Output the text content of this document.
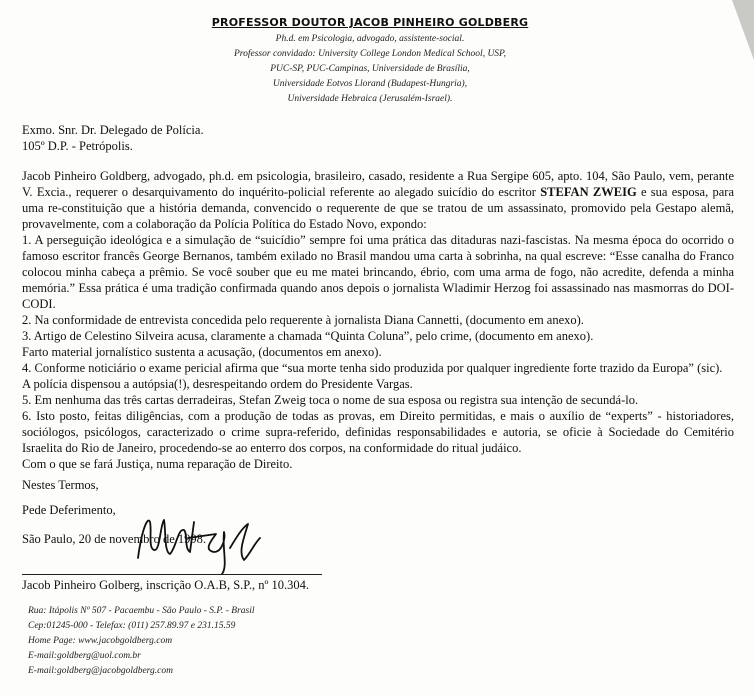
PROFESSOR DOUTOR JACOB PINHEIRO GOLDBERG
Ph.d. em Psicologia, advogado, assistente-social.
Professor convidado: University College London Medical School, USP,
PUC-SP, PUC-Campinas, Universidade de Brasília,
Universidade Eotvos Llorand (Budapest-Hungria),
Universidade Hebraica (Jerusalém-Israel).
Exmo. Snr. Dr. Delegado de Polícia.
105º D.P. - Petrópolis.

Jacob Pinheiro Goldberg, advogado, ph.d. em psicologia, brasileiro, casado, residente a Rua Sergipe 605, apto. 104, São Paulo, vem, perante V. Excia., requerer o desarquivamento do inquérito-policial referente ao alegado suicídio do escritor STEFAN ZWEIG e sua esposa, para uma re-constituição que a história demanda, convencido o requerente de que se tratou de um assassinato, promovido pela Gestapo alemã, provavelmente, com a colaboração da Polícia Política do Estado Novo, expondo:

1. A perseguição ideológica e a simulação de “suicídio” sempre foi uma prática das ditaduras nazi-fascistas. Na mesma época do ocorrido o famoso escritor francês George Bernanos, também exilado no Brasil mandou uma carta à sobrinha, na qual escreve: “Esse canalha do Franco colocou minha cabeça a prêmio. Se você souber que eu me matei brincando, ébrio, com uma arma de fogo, não acredite, defenda a minha memória.” Essa prática é uma tradição confirmada quando anos depois o jornalista Wladimir Herzog foi assassinado nas masmorras do DOI-CODI.

2. Na conformidade de entrevista concedida pelo requerente à jornalista Diana Cannetti, (documento em anexo).

3. Artigo de Celestino Silveira acusa, claramente a chamada “Quinta Coluna”, pelo crime, (documento em anexo).

Farto material jornalístico sustenta a acusação, (documentos em anexo).

4. Conforme noticiário o exame pericial afirma que “sua morte tenha sido produzida por qualquer ingrediente forte trazido da Europa” (sic).

A polícia dispensou a autópsia(!), desrespeitando ordem do Presidente Vargas.

5. Em nenhuma das três cartas derradeiras, Stefan Zweig toca o nome de sua esposa ou registra sua intenção de secundá-lo.

6. Isto posto, feitas diligências, com a produção de todas as provas, em Direito permitidas, e mais o auxílio de “experts” - historiadores, sociólogos, psicólogos, caracterizado o crime supra-referido, definidas responsabilidades e autoria, se oficie à Sociedade do Cemitério Israelita do Rio de Janeiro, procedendo-se ao enterro dos corpos, na conformidade do ritual judáico.

Com o que se fará Justiça, numa reparação de Direito.

Nestes Termos,
Pede Deferimento,
São Paulo, 20 de novembro de 1998.
Jacob Pinheiro Golberg, inscrição O.A.B, S.P., nº 10.304.
Rua: Itápolis Nº 507 - Pacaembu - São Paulo - S.P. - Brasil
Cep:01245-000 - Telefax: (011) 257.89.97 e 231.15.59
Home Page: www.jacobgoldberg.com
E-mail:goldberg@uol.com.br
E-mail:goldberg@jacobgoldberg.com
